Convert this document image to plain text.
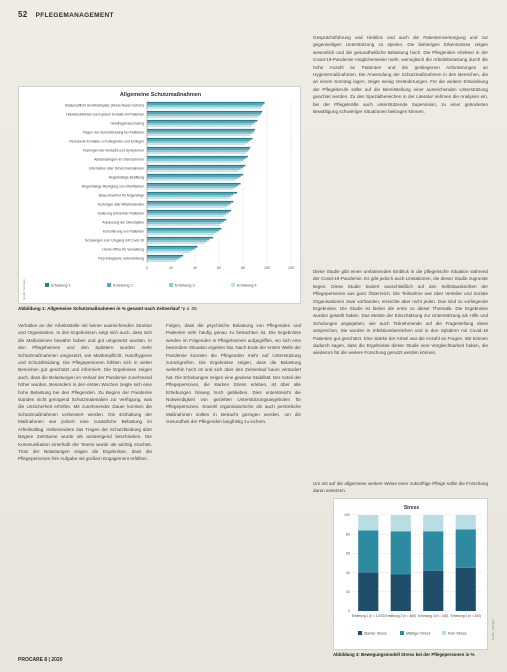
52 PFLEGEMANAGEMENT
Allgemeine Schutzmaßnahmen
0	20	40	60	80	100	120
Maskenpflicht am Arbeitsplatz (Mund-Nasen-Schutz)
Handdesinfektion nach jedem Kontakt mit Patienten
Handhygieneschulung
Tragen von Schutzkleidung bei Patienten
Reduzierte Kontakte zu Kolleginnen und Kollegen
Testungen bei Verdacht und Symptomen
Abstandsregeln im Dienstzimmer
Information über Schutzmaßnahmen
Regelmäßige Belüftung
Regelmäßige Reinigung von Oberflächen
Besuchsverbot für Angehörige
Testungen aller Mitarbeitenden
Isolierung Erkrankter Patienten
Anpassung der Dienstpläne
Kohortierung von Patienten
Schulungen zum Umgang mit Covid-19
Home-Office für Verwaltung
Psychologische Unterstützung
Erhebung 1	Erhebung 2	Erhebung 3	Erhebung 4
Grafik: Springer
Abbildung 1: Allgemeine Schutzmaßnahmen in % gesamt nach Zeitverlauf *p ≤ .05

Gesprächsführung und Hinblick und auch die Patientenversorgung und zur gegenseitigen Unterstützung zu spielen. Die bisherigen Erkenntnisse zeigen wesentlich und die gesundheitliche Belastung hoch. Die Pflegenden erlebten in der Covid-19-Pandemie möglicherweise mehr, wenngleich die Arbeitsbelastung durch die hohe Anzahl an Patienten und die gestiegenen Anforderungen an Hygienemaßnahmen. Die Anwendung der Schutzmaßnahmen in den Bereichen, die an einem Sonntag lagen, zeigte wenig Veränderungen. Für die weitere Entwicklung der Pflegeberufe sollte auf die Bereitstellung einer ausreichenden Unterstützung geachtet werden. Zu den Spezialbereichen in der Literatur nehmen die Analysen ein, bei der Pflegekräfte auch unterstützende Supervision, zu einer geänderten Bewältigung schwieriger Situationen beitragen können.

Diese Studie gibt einen umfassenden Einblick in die pflegerische Situation während der Covid-19-Pandemie. Es gibt jedoch auch Limitationen, die dieser Studie zugrunde liegen. Diese Studie basiert ausschließlich auf den Selbstauskünften der Pflegepersonen aus ganz Österreich. Die Teilnahme war über Verteiler und soziale Organisationen zwar vorhanden, erreichte aber nicht jeden. Das sind zu vorliegende Ergebnisse. Die Studie ist bisher die erste zu dieser Thematik. Die Ergebnisse wurden gestellt haben. Das Meiste der Einschätzung zur Unterstützung als Hilfe und Schulungen angegeben, wie auch Teilnehmende auf die Fragestellung diese ansprechen, Sie wurden in Infektionsbereichen und in den Spitälern mit Covid-19 Patienten gut geschützt. Eine Stärke der Arbeit war die Anzahl an Fragen. Wir können dadurch sagen, dass die Ergebnisse dieser Studie eine Vergleichbarkeit haben, die wiederum für die weitere Forschung genutzt werden können.

Um mit auf die allgemeine weitere Weise einer zukünftige Pflege sollte die Forschung daran ansetzen.

Verhalten an der Arbeitsstelle mit keiner ausreichenden Struktur und Organisation. In den Ergebnissen zeigt sich auch, dass sich die Maßnahmen bewährt haben und gut umgesetzt wurden. In den Pflegeheimen und den Spitälern wurden mehr Schutzmaßnahmen umgesetzt, wie Maskenpflicht, Handhygiene und Schutzkleidung. Die Pflegepersonen fühlten sich in vielen Bereichen gut geschützt und informiert. Die Ergebnisse zeigen auch, dass die Belastungen im Verlauf der Pandemie zunehmend höher wurden. Besonders in den ersten Wochen zeigte sich eine hohe Belastung bei den Pflegenden. Zu Beginn der Pandemie standen nicht genügend Schutzmaterialien zur Verfügung, was die Unsicherheit erhöhte. Mit zunehmender Dauer konnten die Schutzmaßnahmen verbessert werden. Die Einhaltung der Maßnahmen war jedoch eine zusätzliche Belastung im Arbeitsalltag. Insbesondere das Tragen der Schutzkleidung über längere Zeiträume wurde als anstrengend beschrieben. Die Kommunikation innerhalb der Teams wurde als wichtig erachtet. Trotz der Belastungen zeigen die Ergebnisse, dass die Pflegepersonen ihre Aufgabe mit großem Engagement erfüllten.

Folgen, dass die psychische Belastung von Pflegenden und Patienten sehr häufig genau zu betrachten ist. Die Ergebnisse werden im Folgenden in Pflegeheimen aufgegriffen, wo sich eine besondere Situation ergeben hat. Nach Ende der ersten Welle der Pandemie konnten die Pflegenden mehr auf Unterstützung zurückgreifen. Die Ergebnisse zeigen, dass die Belastung weiterhin hoch ist und sich über den Zeitverlauf kaum verändert hat. Die Erhebungen zeigen eine gewisse Stabilität. Der Anteil der Pflegepersonen, die starken Stress erleben, ist über alle Erhebungen hinweg hoch geblieben. Dies unterstreicht die Notwendigkeit von gezielten Unterstützungsangeboten für Pflegepersonen. Sowohl organisatorische als auch persönliche Maßnahmen sollten in Betracht gezogen werden, um die Gesundheit der Pflegenden langfristig zu sichern.

Stress
0
20
40
60
80
100
Erhebung 1 (n = 1.004) Erhebung 2 (n = 480) Erhebung 3 (n = 302) Erhebung 4 (n = 300)
Starker Stress	Mäßiger Stress	Kein Stress	Grafik: Springer
Abbildung 3: Bewegungsmodell Stress bei der Pflegepersonen in %
PROCARE 8 | 2020
